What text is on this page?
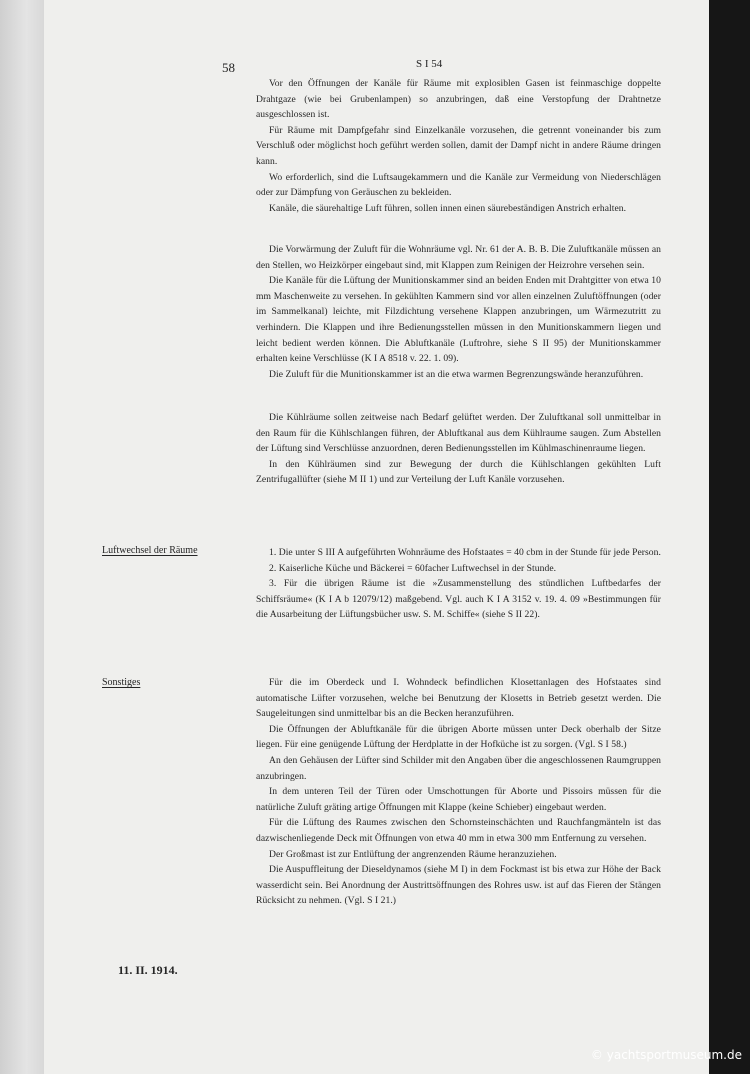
58	S I 54

Vor den Öffnungen der Kanäle für Räume mit explosiblen Gasen ist feinmaschige doppelte Drahtgaze (wie bei Grubenlampen) so anzubringen, daß eine Verstopfung der Drahtnetze ausgeschlossen ist.

Für Räume mit Dampfgefahr sind Einzelkanäle vorzusehen, die getrennt voneinander bis zum Verschluß oder möglichst hoch geführt werden sollen, damit der Dampf nicht in andere Räume dringen kann.

Wo erforderlich, sind die Luftsaugekammern und die Kanäle zur Vermeidung von Niederschlägen oder zur Dämpfung von Geräuschen zu bekleiden.

Kanäle, die säurehaltige Luft führen, sollen innen einen säurebeständigen Anstrich erhalten.

Die Vorwärmung der Zuluft für die Wohnräume vgl. Nr. 61 der A. B. B. Die Zuluftkanäle müssen an den Stellen, wo Heizkörper eingebaut sind, mit Klappen zum Reinigen der Heizrohre versehen sein.

Die Kanäle für die Lüftung der Munitionskammer sind an beiden Enden mit Drahtgitter von etwa 10 mm Maschenweite zu versehen. In gekühlten Kammern sind vor allen einzelnen Zuluftöffnungen (oder im Sammelkanal) leichte, mit Filzdichtung versehene Klappen anzubringen, um Wärmezutritt zu verhindern. Die Klappen und ihre Bedienungsstellen müssen in den Munitionskammern liegen und leicht bedient werden können. Die Abluftkanäle (Luftrohre, siehe S II 95) der Munitionskammer erhalten keine Verschlüsse (K I A 8518 v. 22. 1. 09).

Die Zuluft für die Munitionskammer ist an die etwa warmen Begrenzungswände heranzuführen.

Die Kühlräume sollen zeitweise nach Bedarf gelüftet werden. Der Zuluftkanal soll unmittelbar in den Raum für die Kühlschlangen führen, der Abluftkanal aus dem Kühlraume saugen. Zum Abstellen der Lüftung sind Verschlüsse anzuordnen, deren Bedienungsstellen im Kühlmaschinenraume liegen.

In den Kühlräumen sind zur Bewegung der durch die Kühlschlangen gekühlten Luft Zentrifugallüfter (siehe M II 1) und zur Verteilung der Luft Kanäle vorzusehen.

Luftwechsel der Räume	1. Die unter S III A aufgeführten Wohnräume des Hofstaates = 40 cbm in der Stunde für jede Person.

2. Kaiserliche Küche und Bäckerei = 60facher Luftwechsel in der Stunde.

3. Für die übrigen Räume ist die »Zusammenstellung des stündlichen Luftbedarfes der Schiffsräume« (K I A b 12079/12) maßgebend. Vgl. auch K I A 3152 v. 19. 4. 09 »Bestimmungen für die Ausarbeitung der Lüftungsbücher usw. S. M. Schiffe« (siehe S II 22).

Sonstiges	Für die im Oberdeck und I. Wohndeck befindlichen Klosettanlagen des Hofstaates sind automatische Lüfter vorzusehen, welche bei Benutzung der Klosetts in Betrieb gesetzt werden. Die Saugeleitungen sind unmittelbar bis an die Becken heranzuführen.

Die Öffnungen der Abluftkanäle für die übrigen Aborte müssen unter Deck oberhalb der Sitze liegen. Für eine genügende Lüftung der Herdplatte in der Hofküche ist zu sorgen. (Vgl. S I 58.)

An den Gehäusen der Lüfter sind Schilder mit den Angaben über die angeschlossenen Raumgruppen anzubringen.

In dem unteren Teil der Türen oder Umschottungen für Aborte und Pissoirs müssen für die natürliche Zuluft gräting artige Öffnungen mit Klappe (keine Schieber) eingebaut werden.

Für die Lüftung des Raumes zwischen den Schornsteinschächten und Rauchfangmänteln ist das dazwischenliegende Deck mit Öffnungen von etwa 40 mm in etwa 300 mm Entfernung zu versehen.

Der Großmast ist zur Entlüftung der angrenzenden Räume heranzuziehen.

Die Auspuffleitung der Dieseldynamos (siehe M I) in dem Fockmast ist bis etwa zur Höhe der Back wasserdicht sein. Bei Anordnung der Austrittsöffnungen des Rohres usw. ist auf das Fieren der Stängen Rücksicht zu nehmen. (Vgl. S I 21.)

11. II. 1914.
© yachtsportmuseum.de
